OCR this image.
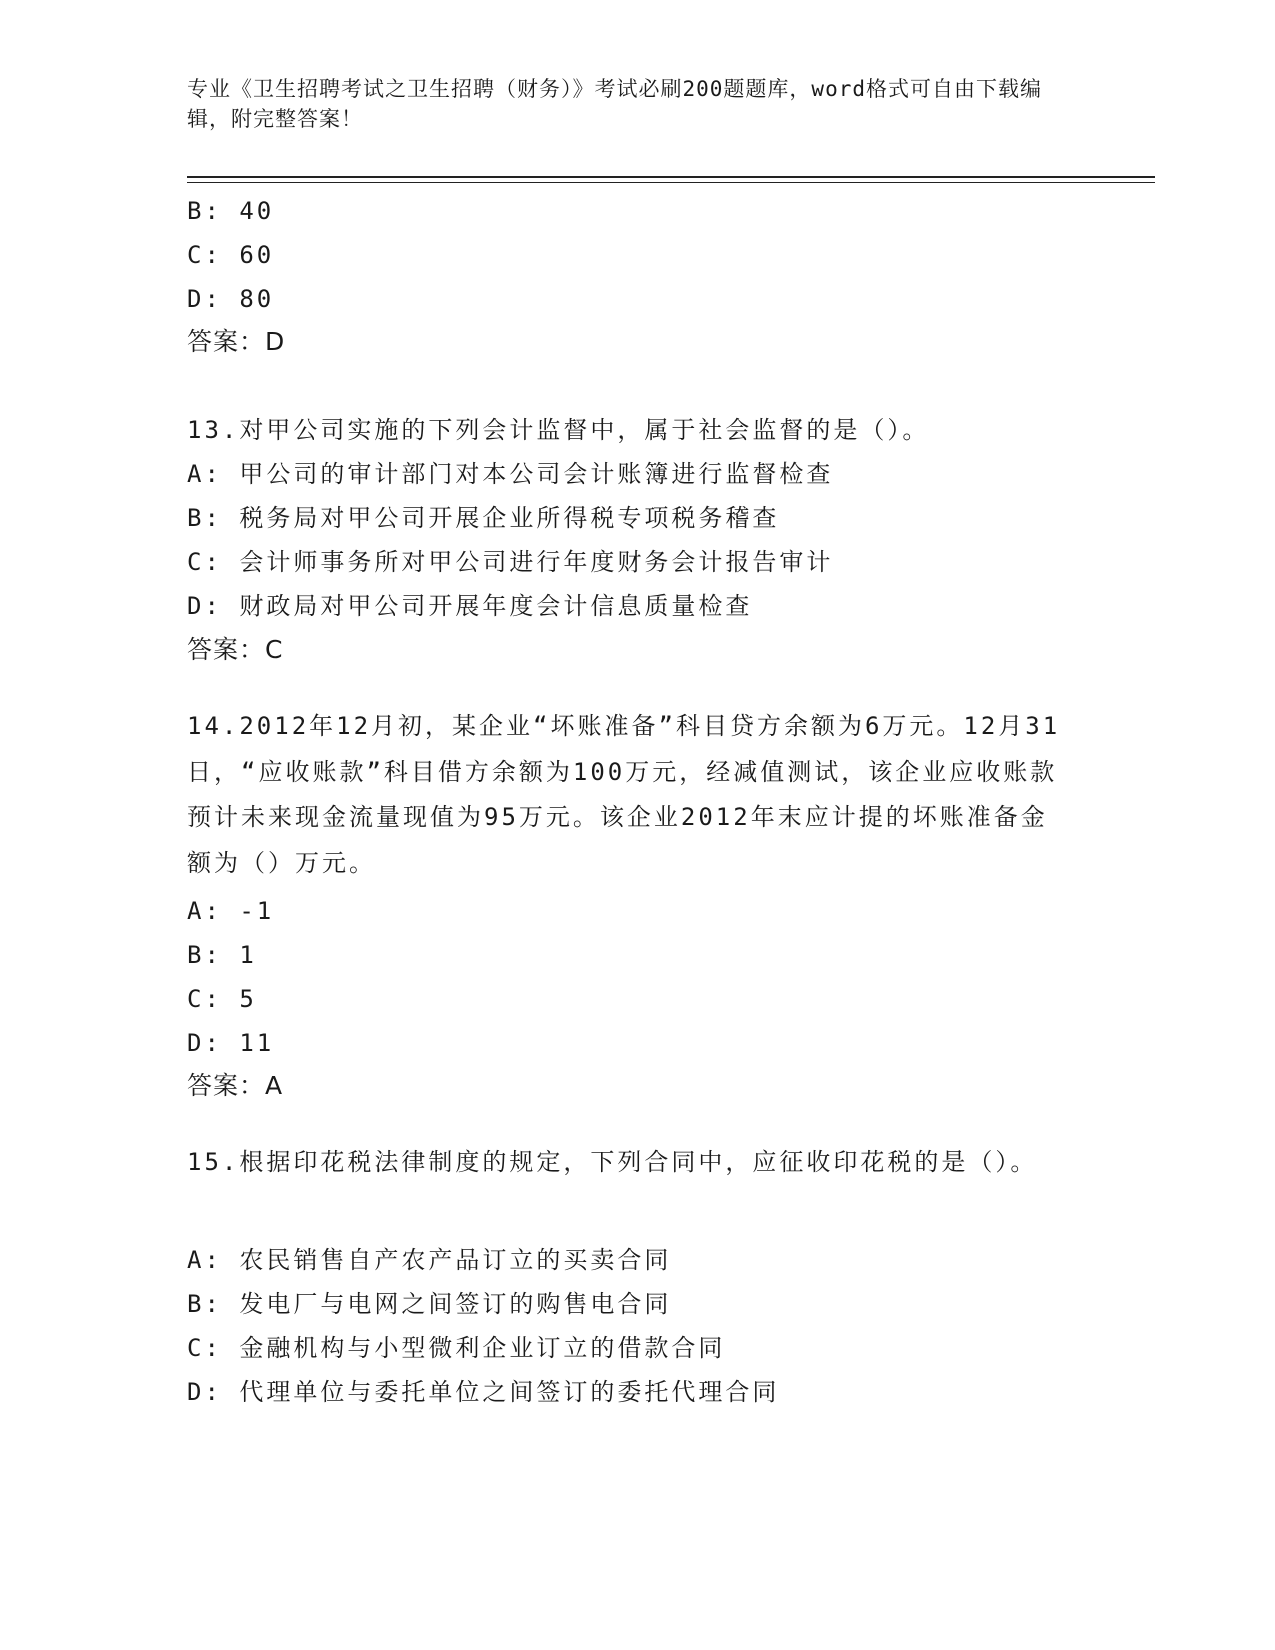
专业《卫生招聘考试之卫生招聘（财务）》考试必刷200题题库，word格式可自由下载编辑，附完整答案！
B: 40
C: 60
D: 80
答案：D
13.对甲公司实施的下列会计监督中，属于社会监督的是（）。
A: 甲公司的审计部门对本公司会计账簿进行监督检查
B: 税务局对甲公司开展企业所得税专项税务稽查
C: 会计师事务所对甲公司进行年度财务会计报告审计
D: 财政局对甲公司开展年度会计信息质量检查
答案：C
14.2012年12月初，某企业“坏账准备”科目贷方余额为6万元。12月31日，“应收账款”科目借方余额为100万元，经减值测试，该企业应收账款预计未来现金流量现值为95万元。该企业2012年末应计提的坏账准备金额为（）万元。
A: -1
B: 1
C: 5
D: 11
答案：A
15.根据印花税法律制度的规定，下列合同中，应征收印花税的是（）。
A: 农民销售自产农产品订立的买卖合同
B: 发电厂与电网之间签订的购售电合同
C: 金融机构与小型微利企业订立的借款合同
D: 代理单位与委托单位之间签订的委托代理合同
